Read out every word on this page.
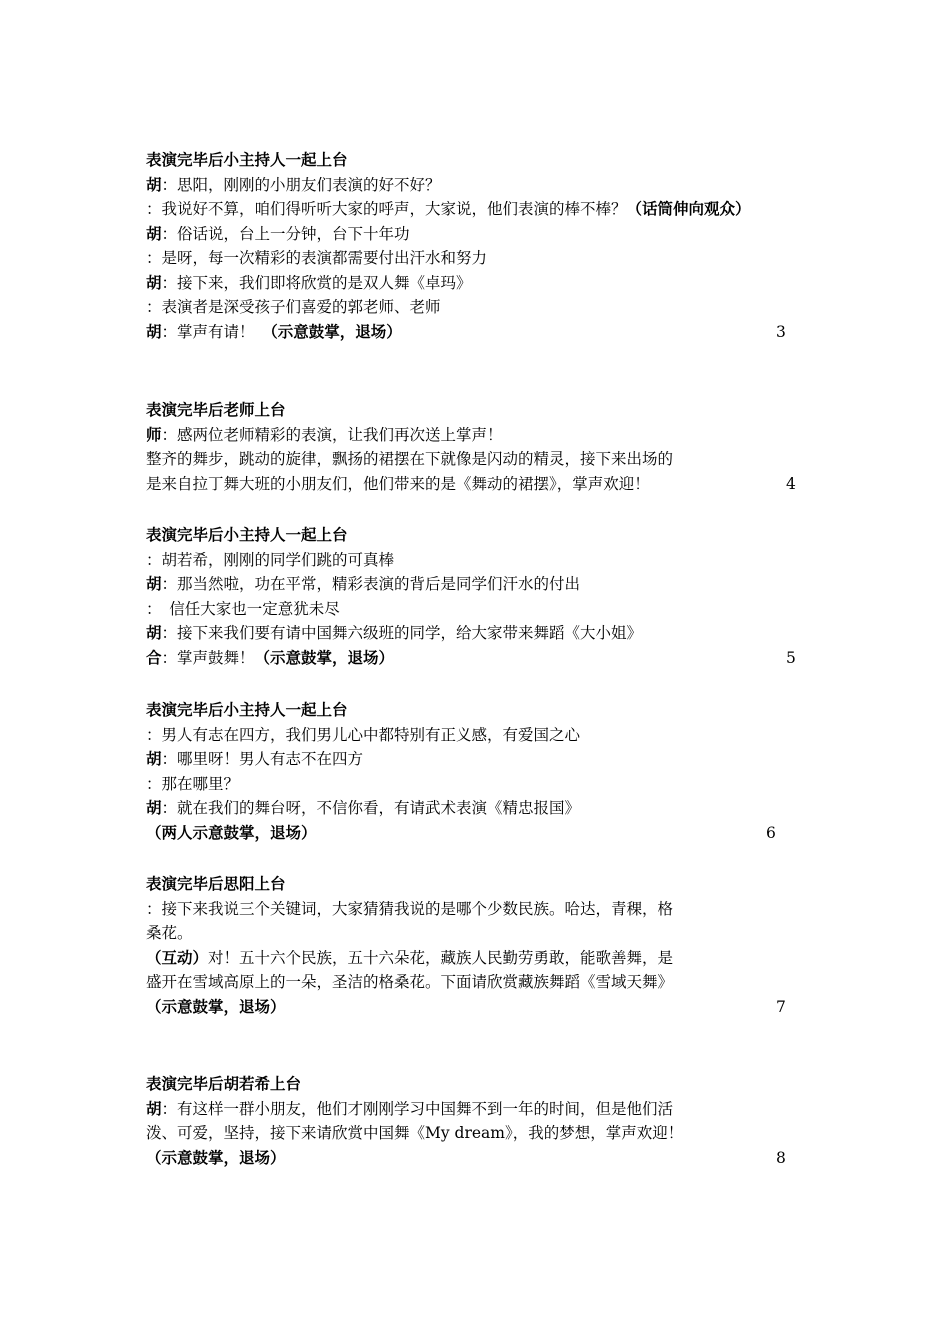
表演完毕后小主持人一起上台
胡：思阳，刚刚的小朋友们表演的好不好？
：我说好不算，咱们得听听大家的呼声，大家说，他们表演的棒不棒？（话筒伸向观众）
胡：俗话说，台上一分钟，台下十年功
：是呀，每一次精彩的表演都需要付出汗水和努力
胡：接下来，我们即将欣赏的是双人舞《卓玛》
：表演者是深受孩子们喜爱的郭老师、老师
胡：掌声有请！　（示意鼓掌，退场）	3
表演完毕后老师上台
师：感两位老师精彩的表演，让我们再次送上掌声！
整齐的舞步，跳动的旋律，飘扬的裙摆在下就像是闪动的精灵，接下来出场的
是来自拉丁舞大班的小朋友们，他们带来的是《舞动的裙摆》，掌声欢迎！	4
表演完毕后小主持人一起上台
：胡若希，刚刚的同学们跳的可真棒
胡：那当然啦，功在平常，精彩表演的背后是同学们汗水的付出
：　信任大家也一定意犹未尽
胡：接下来我们要有请中国舞六级班的同学，给大家带来舞蹈《大小姐》
合：掌声鼓舞！（示意鼓掌，退场）	5
表演完毕后小主持人一起上台
：男人有志在四方，我们男儿心中都特别有正义感，有爱国之心
胡：哪里呀！男人有志不在四方
：那在哪里？
胡：就在我们的舞台呀，不信你看，有请武术表演《精忠报国》
（两人示意鼓掌，退场）	6
表演完毕后思阳上台
：接下来我说三个关键词，大家猜猜我说的是哪个少数民族。哈达，青稞，格
桑花。
（互动）对！五十六个民族，五十六朵花，藏族人民勤劳勇敢，能歌善舞，是
盛开在雪域高原上的一朵，圣洁的格桑花。下面请欣赏藏族舞蹈《雪域天舞》
（示意鼓掌，退场）	7
表演完毕后胡若希上台
胡：有这样一群小朋友，他们才刚刚学习中国舞不到一年的时间，但是他们活
泼、可爱，坚持，接下来请欣赏中国舞《My dream》，我的梦想，掌声欢迎！
（示意鼓掌，退场）	8
